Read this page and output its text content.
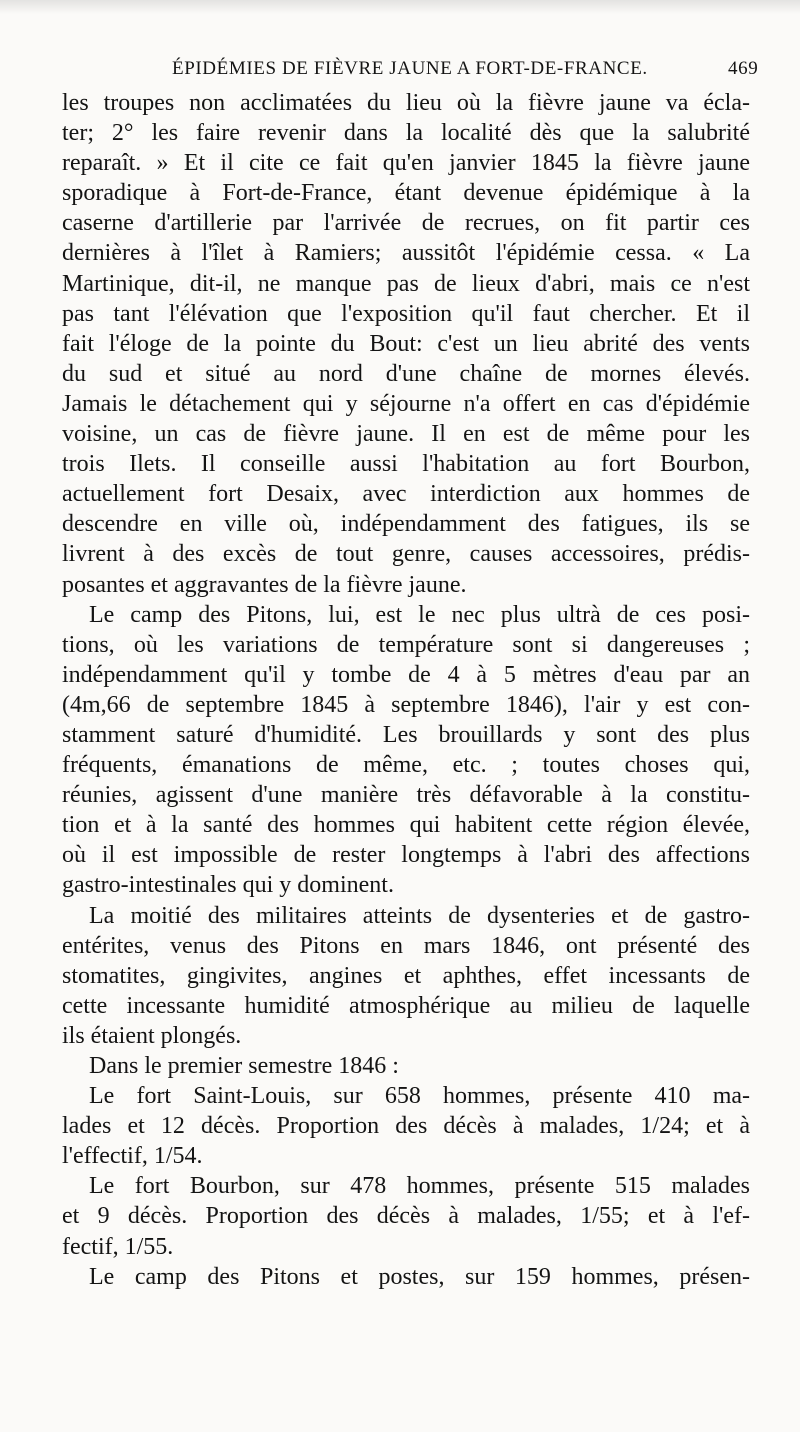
ÉPIDÉMIES DE FIÈVRE JAUNE A FORT-DE-FRANCE.	469
les troupes non acclimatées du lieu où la fièvre jaune va écla-
ter; 2° les faire revenir dans la localité dès que la salubrité
reparaît. » Et il cite ce fait qu'en janvier 1845 la fièvre jaune
sporadique à Fort-de-France, étant devenue épidémique à la
caserne d'artillerie par l'arrivée de recrues, on fit partir ces
dernières à l'îlet à Ramiers; aussitôt l'épidémie cessa. « La
Martinique, dit-il, ne manque pas de lieux d'abri, mais ce n'est
pas tant l'élévation que l'exposition qu'il faut chercher. Et il
fait l'éloge de la pointe du Bout: c'est un lieu abrité des vents
du sud et situé au nord d'une chaîne de mornes élevés.
Jamais le détachement qui y séjourne n'a offert en cas d'épidémie
voisine, un cas de fièvre jaune. Il en est de même pour les
trois Ilets. Il conseille aussi l'habitation au fort Bourbon,
actuellement fort Desaix, avec interdiction aux hommes de
descendre en ville où, indépendamment des fatigues, ils se
livrent à des excès de tout genre, causes accessoires, prédis-
posantes et aggravantes de la fièvre jaune.
Le camp des Pitons, lui, est le nec plus ultrà de ces posi-
tions, où les variations de température sont si dangereuses ;
indépendamment qu'il y tombe de 4 à 5 mètres d'eau par an
(4m,66 de septembre 1845 à septembre 1846), l'air y est con-
stamment saturé d'humidité. Les brouillards y sont des plus
fréquents, émanations de même, etc. ; toutes choses qui,
réunies, agissent d'une manière très défavorable à la constitu-
tion et à la santé des hommes qui habitent cette région élevée,
où il est impossible de rester longtemps à l'abri des affections
gastro-intestinales qui y dominent.
La moitié des militaires atteints de dysenteries et de gastro-
entérites, venus des Pitons en mars 1846, ont présenté des
stomatites, gingivites, angines et aphthes, effet incessants de
cette incessante humidité atmosphérique au milieu de laquelle
ils étaient plongés.
Dans le premier semestre 1846 :
Le fort Saint-Louis, sur 658 hommes, présente 410 ma-
lades et 12 décès. Proportion des décès à malades, 1/24; et à
l'effectif, 1/54.
Le fort Bourbon, sur 478 hommes, présente 515 malades
et 9 décès. Proportion des décès à malades, 1/55; et à l'ef-
fectif, 1/55.
Le camp des Pitons et postes, sur 159 hommes, présen-
